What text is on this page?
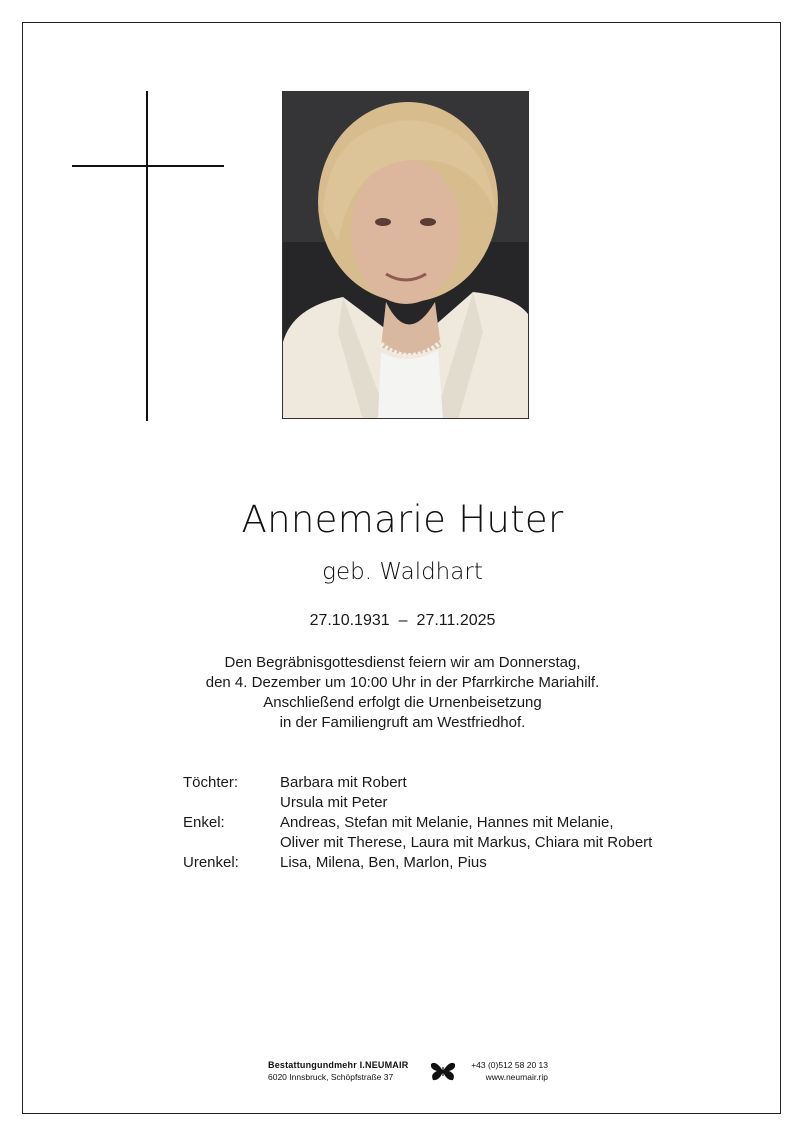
Annemarie Huter
geb. Waldhart
27.10.1931 – 27.11.2025
Den Begräbnisgottesdienst feiern wir am Donnerstag,
den 4. Dezember um 10:00 Uhr in der Pfarrkirche Mariahilf.
Anschließend erfolgt die Urnenbeisetzung
in der Familiengruft am Westfriedhof.
Töchter:	Barbara mit Robert
Ursula mit Peter
Enkel:	Andreas, Stefan mit Melanie, Hannes mit Melanie,
Oliver mit Therese, Laura mit Markus, Chiara mit Robert
Urenkel:	Lisa, Milena, Ben, Marlon, Pius
Bestattungundmehr I.NEUMAIR
6020 Innsbruck, Schöpfstraße 37
+43 (0)512 58 20 13
www.neumair.rip
